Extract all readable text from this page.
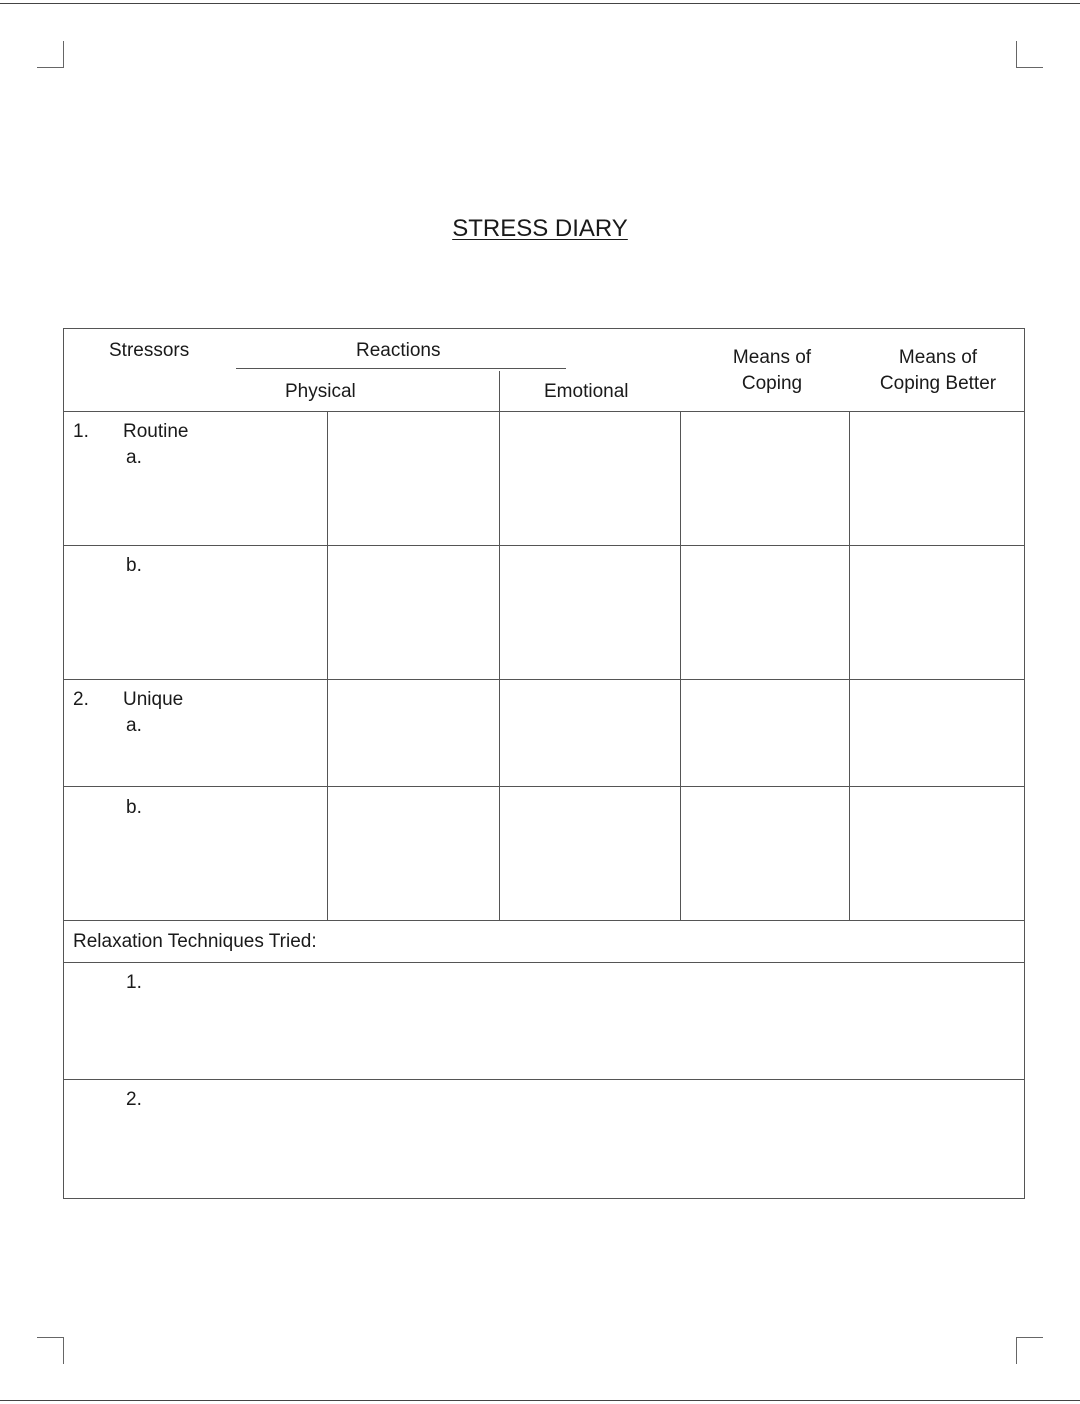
STRESS DIARY
Stressors	Reactions
Physical	Emotional
Means of
Coping
Means of
Coping Better
1. Routine
a.
b.
2. Unique
a.
b.
Relaxation Techniques Tried:
1.
2.
